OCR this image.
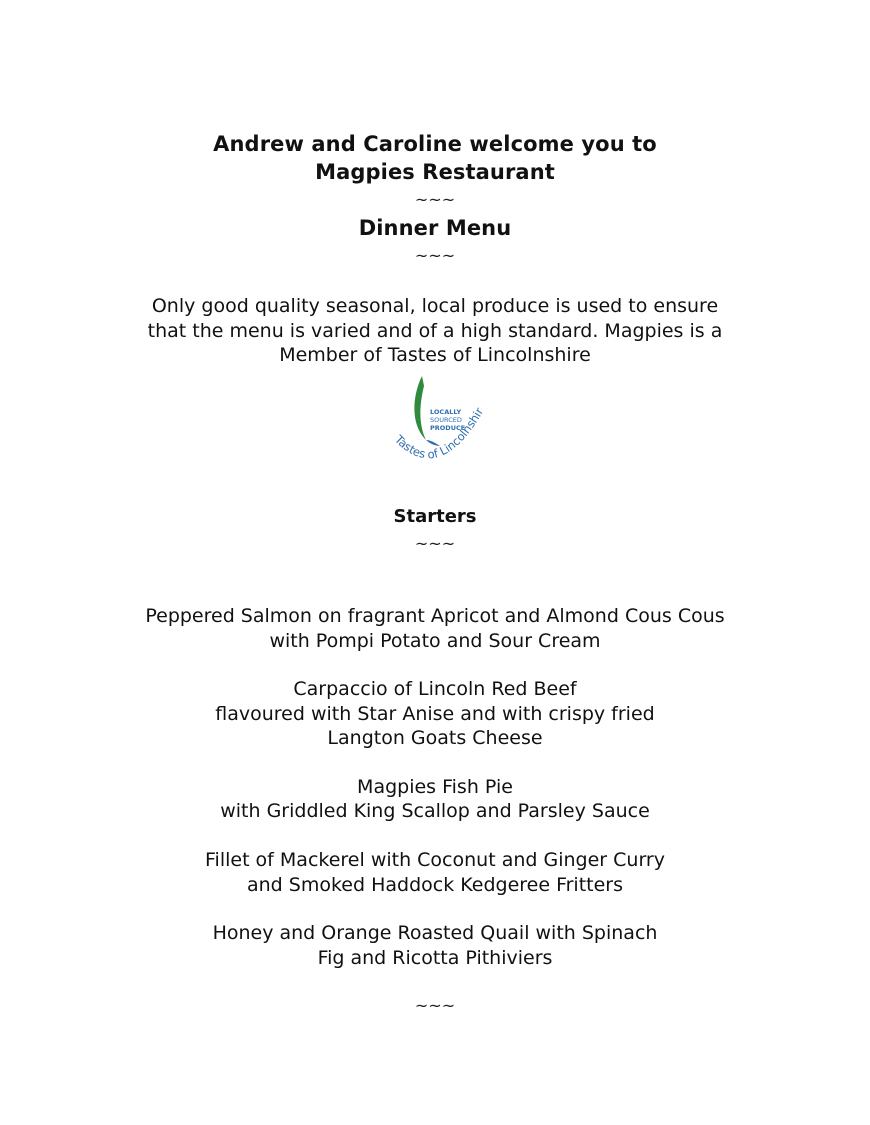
Andrew and Caroline welcome you to
Magpies Restaurant
~~~
Dinner Menu
~~~
Only good quality seasonal, local produce is used to ensure
that the menu is varied and of a high standard. Magpies is a
Member of Tastes of Lincolnshire
LOCALLY
SOURCED
PRODUCE
Tastes of Lincolnshir
Starters
~~~
Peppered Salmon on fragrant Apricot and Almond Cous Cous
with Pompi Potato and Sour Cream
Carpaccio of Lincoln Red Beef
flavoured with Star Anise and with crispy fried
Langton Goats Cheese
Magpies Fish Pie
with Griddled King Scallop and Parsley Sauce
Fillet of Mackerel with Coconut and Ginger Curry
and Smoked Haddock Kedgeree Fritters
Honey and Orange Roasted Quail with Spinach
Fig and Ricotta Pithiviers
~~~
